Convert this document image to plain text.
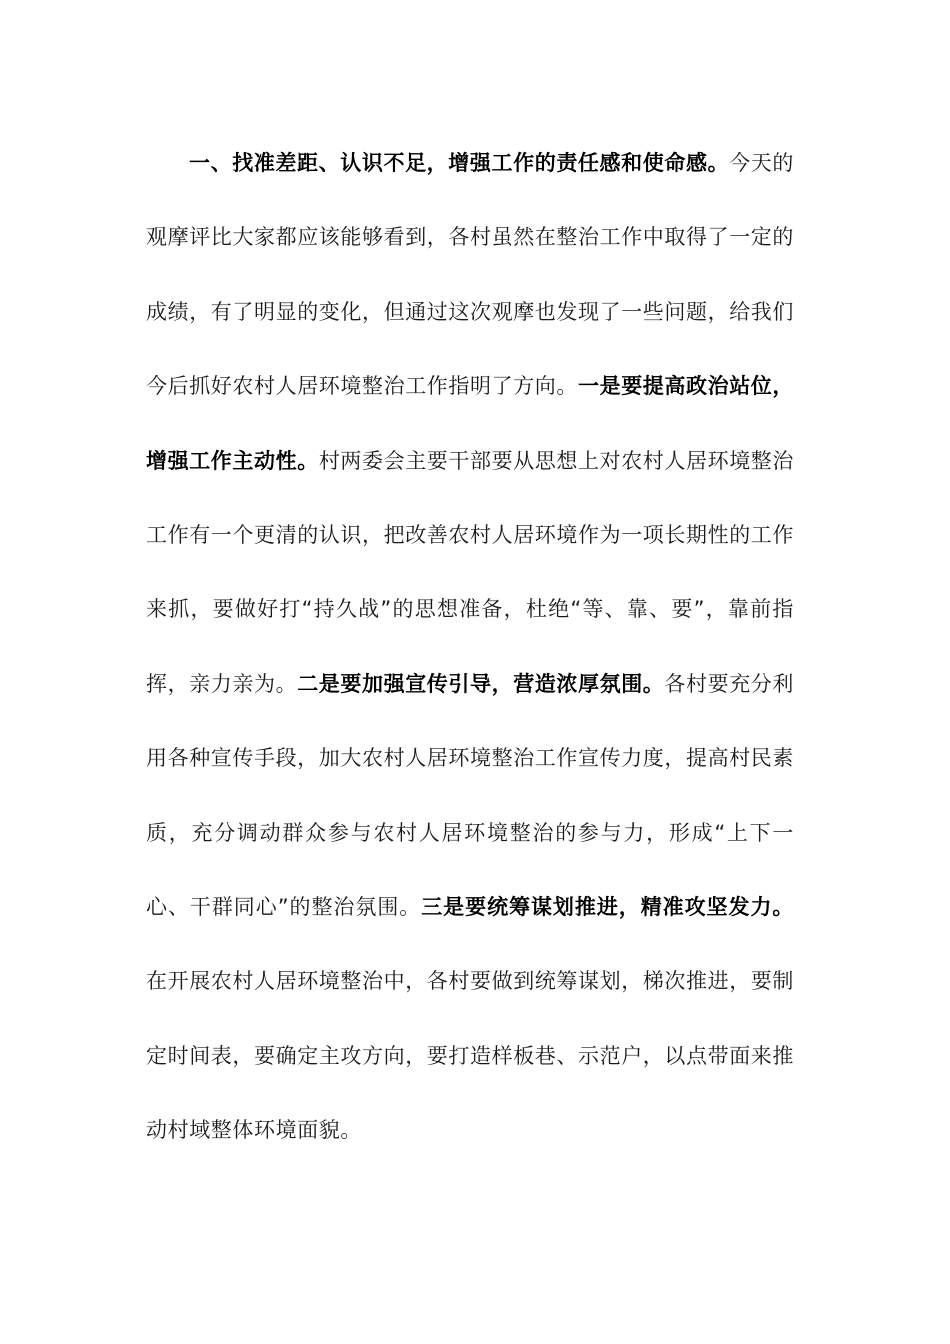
一、找准差距、认识不足，增强工作的责任感和使命感。今天的观摩评比大家都应该能够看到，各村虽然在整治工作中取得了一定的成绩，有了明显的变化，但通过这次观摩也发现了一些问题，给我们今后抓好农村人居环境整治工作指明了方向。一是要提高政治站位，增强工作主动性。村两委会主要干部要从思想上对农村人居环境整治工作有一个更清的认识，把改善农村人居环境作为一项长期性的工作来抓，要做好打“持久战”的思想准备，杜绝“等、靠、要”，靠前指挥，亲力亲为。二是要加强宣传引导，营造浓厚氛围。各村要充分利用各种宣传手段，加大农村人居环境整治工作宣传力度，提高村民素质，充分调动群众参与农村人居环境整治的参与力，形成“上下一心、干群同心”的整治氛围。三是要统筹谋划推进，精准攻坚发力。在开展农村人居环境整治中，各村要做到统筹谋划，梯次推进，要制定时间表，要确定主攻方向，要打造样板巷、示范户，以点带面来推动村域整体环境面貌。
